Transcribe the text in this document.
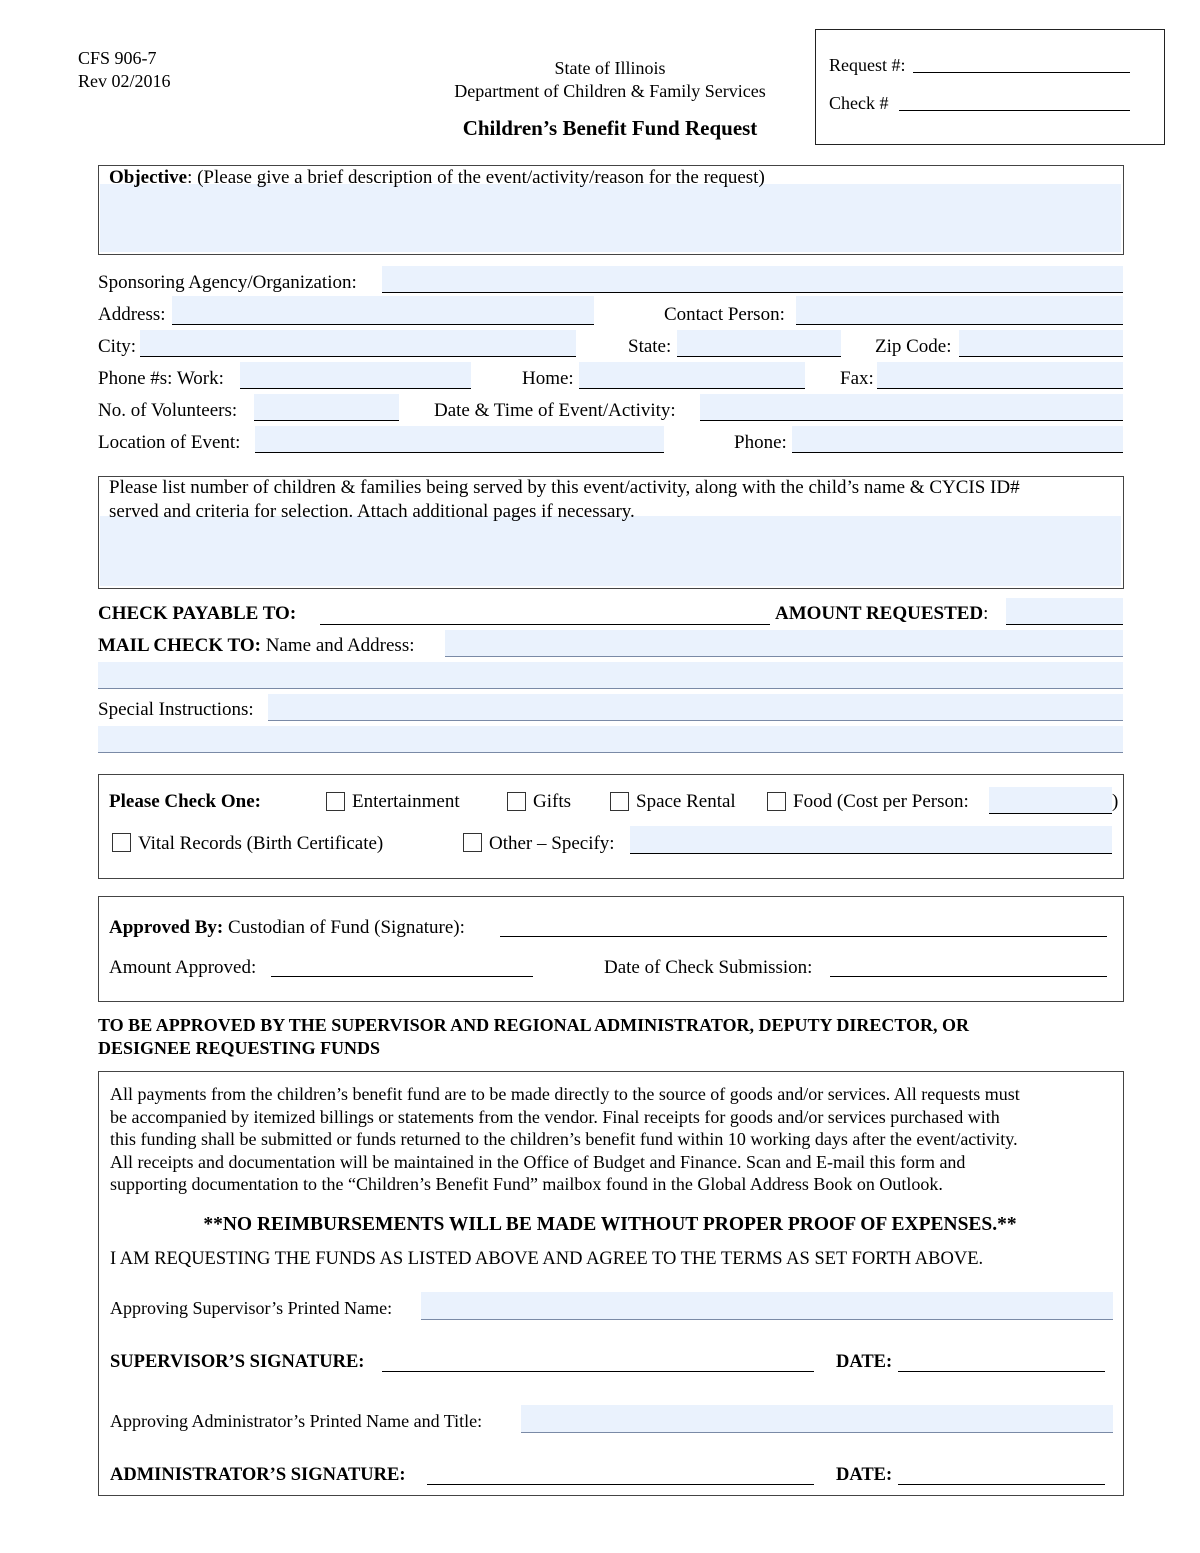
CFS 906-7
Rev 02/2016
State of Illinois
Department of Children & Family Services
Children’s Benefit Fund Request
Request #:
Check #
Objective: (Please give a brief description of the event/activity/reason for the request)
Sponsoring Agency/Organization:
Address:	Contact Person:
City:	State:	Zip Code:
Phone #s: Work:	Home:	Fax:
No. of Volunteers:	Date & Time of Event/Activity:
Location of Event:	Phone:
Please list number of children & families being served by this event/activity, along with the child’s name & CYCIS ID#
served and criteria for selection. Attach additional pages if necessary.
CHECK PAYABLE TO:	AMOUNT REQUESTED:
MAIL CHECK TO: Name and Address:
Special Instructions:
Please Check One:	Entertainment	Gifts	Space Rental	Food (Cost per Person:	)
Vital Records (Birth Certificate)	Other – Specify:
Approved By: Custodian of Fund (Signature):
Amount Approved:	Date of Check Submission:
TO BE APPROVED BY THE SUPERVISOR AND REGIONAL ADMINISTRATOR, DEPUTY DIRECTOR, OR
DESIGNEE REQUESTING FUNDS
All payments from the children’s benefit fund are to be made directly to the source of goods and/or services. All requests must
be accompanied by itemized billings or statements from the vendor. Final receipts for goods and/or services purchased with
this funding shall be submitted or funds returned to the children’s benefit fund within 10 working days after the event/activity.
All receipts and documentation will be maintained in the Office of Budget and Finance. Scan and E-mail this form and
supporting documentation to the “Children’s Benefit Fund” mailbox found in the Global Address Book on Outlook.
**NO REIMBURSEMENTS WILL BE MADE WITHOUT PROPER PROOF OF EXPENSES.**
I AM REQUESTING THE FUNDS AS LISTED ABOVE AND AGREE TO THE TERMS AS SET FORTH ABOVE.
Approving Supervisor’s Printed Name:
SUPERVISOR’S SIGNATURE:	DATE:
Approving Administrator’s Printed Name and Title:
ADMINISTRATOR’S SIGNATURE:	DATE:
